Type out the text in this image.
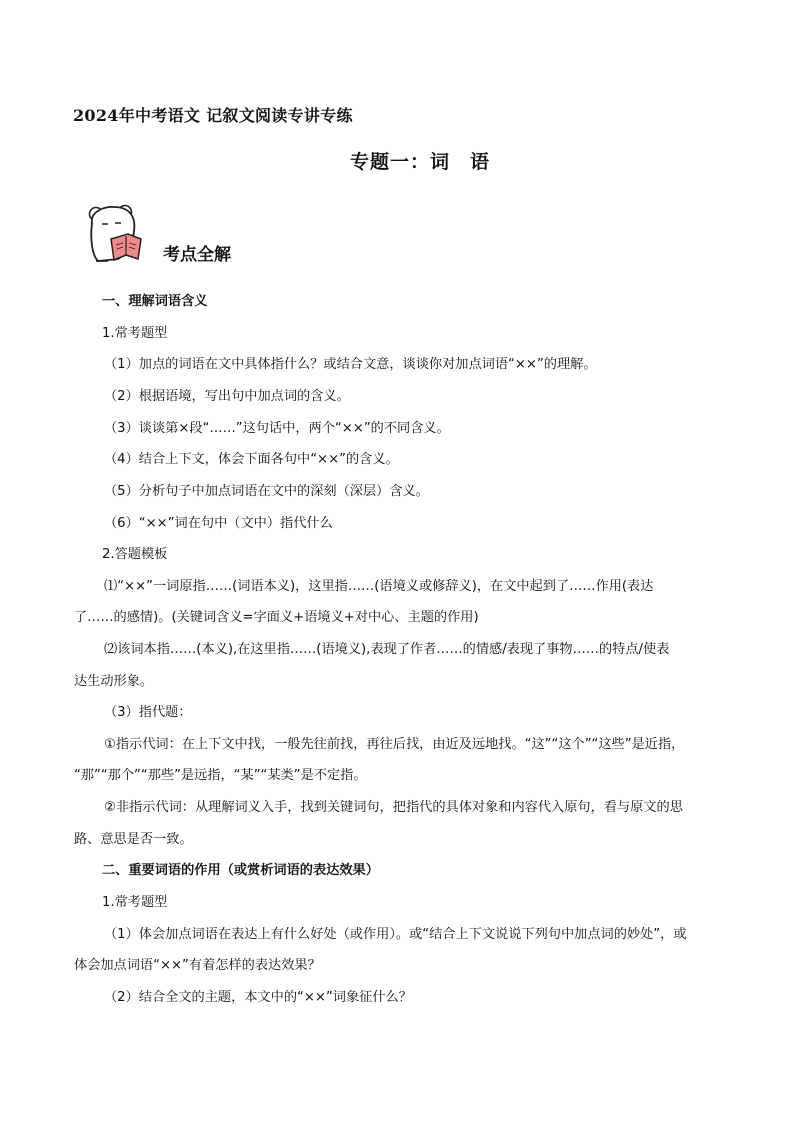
2024年中考语文 记叙文阅读专讲专练
专题一：词　语
考点全解
一、理解词语含义
1.常考题型
（1）加点的词语在文中具体指什么？或结合文意，谈谈你对加点词语“××”的理解。
（2）根据语境，写出句中加点词的含义。
（3）谈谈第×段“……”这句话中，两个“××”的不同含义。
（4）结合上下文，体会下面各句中“××”的含义。
（5）分析句子中加点词语在文中的深刻（深层）含义。
（6）“××”词在句中（文中）指代什么
2.答题模板
⑴“××”一词原指……(词语本义)，这里指……(语境义或修辞义)，在文中起到了……作用(表达
了……的感情)。(关键词含义=字面义+语境义+对中心、主题的作用)
⑵该词本指……(本义),在这里指……(语境义),表现了作者……的情感/表现了事物……的特点/使表
达生动形象。
（3）指代题：
①指示代词：在上下文中找，一般先往前找，再往后找，由近及远地找。“这”“这个”“这些”是近指，
“那”“那个”“那些”是远指，“某”“某类”是不定指。
②非指示代词：从理解词义入手，找到关键词句，把指代的具体对象和内容代入原句，看与原文的思
路、意思是否一致。
二、重要词语的作用（或赏析词语的表达效果）
1.常考题型
（1）体会加点词语在表达上有什么好处（或作用）。或“结合上下文说说下列句中加点词的妙处”，或
体会加点词语“××”有着怎样的表达效果？
（2）结合全文的主题，本文中的“××”词象征什么？
